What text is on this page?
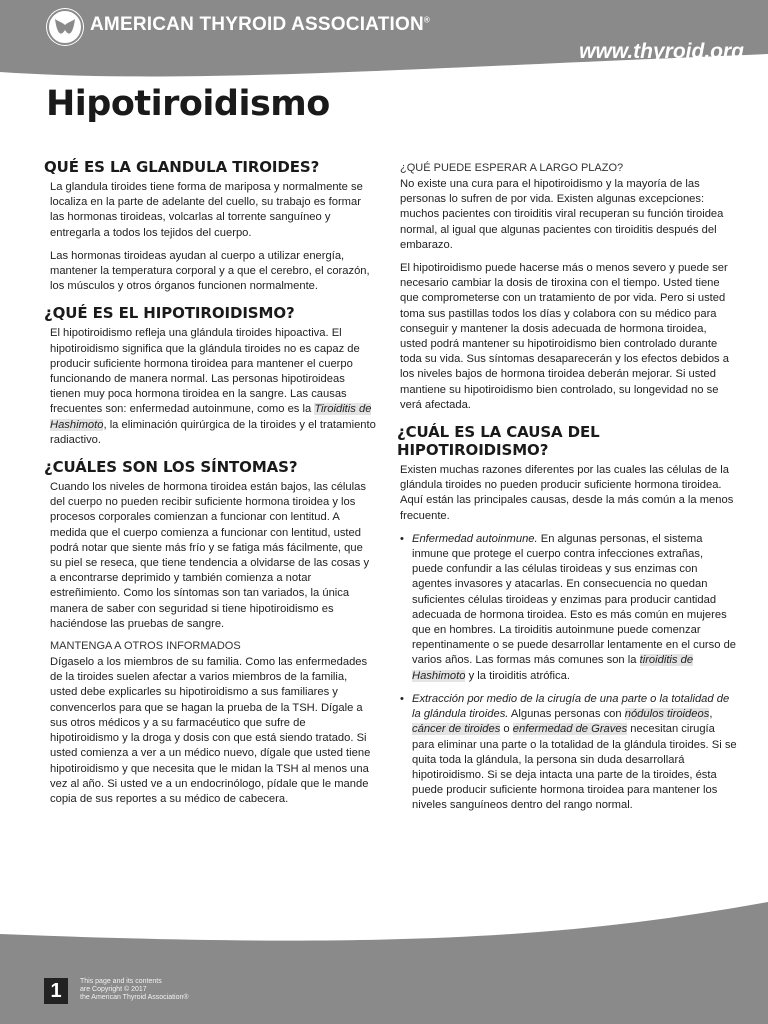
AMERICAN THYROID ASSOCIATION®
www.thyroid.org
Hipotiroidismo
QUÉ ES LA GLANDULA TIROIDES?

La glandula tiroides tiene forma de mariposa y normalmente se localiza en la parte de adelante del cuello, su trabajo es formar las hormonas tiroideas, volcarlas al torrente sanguíneo y entregarla a todos los tejidos del cuerpo.

Las hormonas tiroideas ayudan al cuerpo a utilizar energía, mantener la temperatura corporal y a que el cerebro, el corazón, los músculos y otros órganos funcionen normalmente.

¿QUÉ ES EL HIPOTIROIDISMO?

El hipotiroidismo refleja una glándula tiroides hipoactiva. El hipotiroidismo significa que la glándula tiroides no es capaz de producir suficiente hormona tiroidea para mantener el cuerpo funcionando de manera normal. Las personas hipotiroideas tienen muy poca hormona tiroidea en la sangre. Las causas frecuentes son: enfermedad autoinmune, como es la Tiroiditis de Hashimoto, la eliminación quirúrgica de la tiroides y el tratamiento radiactivo.

¿CUÁLES SON LOS SÍNTOMAS?

Cuando los niveles de hormona tiroidea están bajos, las células del cuerpo no pueden recibir suficiente hormona tiroidea y los procesos corporales comienzan a funcionar con lentitud. A medida que el cuerpo comienza a funcionar con lentitud, usted podrá notar que siente más frío y se fatiga más fácilmente, que su piel se reseca, que tiene tendencia a olvidarse de las cosas y a encontrarse deprimido y también comienza a notar estreñimiento. Como los síntomas son tan variados, la única manera de saber con seguridad si tiene hipotiroidismo es haciéndose las pruebas de sangre.

MANTENGA A OTROS INFORMADOS

Dígaselo a los miembros de su familia. Como las enfermedades de la tiroides suelen afectar a varios miembros de la familia, usted debe explicarles su hipotiroidismo a sus familiares y convencerlos para que se hagan la prueba de la TSH. Dígale a sus otros médicos y a su farmacéutico que sufre de hipotiroidismo y la droga y dosis con que está siendo tratado. Si usted comienza a ver a un médico nuevo, dígale que usted tiene hipotiroidismo y que necesita que le midan la TSH al menos una vez al año. Si usted ve a un endocrinólogo, pídale que le mande copia de sus reportes a su médico de cabecera.

¿QUÉ PUEDE ESPERAR A LARGO PLAZO?

No existe una cura para el hipotiroidismo y la mayoría de las personas lo sufren de por vida. Existen algunas excepciones: muchos pacientes con tiroiditis viral recuperan su función tiroidea normal, al igual que algunas pacientes con tiroiditis después del embarazo.

El hipotiroidismo puede hacerse más o menos severo y puede ser necesario cambiar la dosis de tiroxina con el tiempo. Usted tiene que comprometerse con un tratamiento de por vida. Pero si usted toma sus pastillas todos los días y colabora con su médico para conseguir y mantener la dosis adecuada de hormona tiroidea, usted podrá mantener su hipotiroidismo bien controlado durante toda su vida. Sus síntomas desaparecerán y los efectos debidos a los niveles bajos de hormona tiroidea deberán mejorar. Si usted mantiene su hipotiroidismo bien controlado, su longevidad no se verá afectada.

¿CUÁL ES LA CAUSA DEL HIPOTIROIDISMO?

Existen muchas razones diferentes por las cuales las células de la glándula tiroides no pueden producir suficiente hormona tiroidea. Aquí están las principales causas, desde la más común a la menos frecuente.

• Enfermedad autoinmune. En algunas personas, el sistema inmune que protege el cuerpo contra infecciones extrañas, puede confundir a las células tiroideas y sus enzimas con agentes invasores y atacarlas. En consecuencia no quedan suficientes células tiroideas y enzimas para producir cantidad adecuada de hormona tiroidea. Esto es más común en mujeres que en hombres. La tiroiditis autoinmune puede comenzar repentinamente o se puede desarrollar lentamente en el curso de varios años. Las formas más comunes son la tiroiditis de Hashimoto y la tiroiditis atrófica.
• Extracción por medio de la cirugía de una parte o la totalidad de la glándula tiroides. Algunas personas con nódulos tiroideos, cáncer de tiroides o enfermedad de Graves necesitan cirugía para eliminar una parte o la totalidad de la glándula tiroides. Si se quita toda la glándula, la persona sin duda desarrollará hipotiroidismo. Si se deja intacta una parte de la tiroides, ésta puede producir suficiente hormona tiroidea para mantener los niveles sanguíneos dentro del rango normal.
1	This page and its contents
are Copyright © 2017
the American Thyroid Association®
